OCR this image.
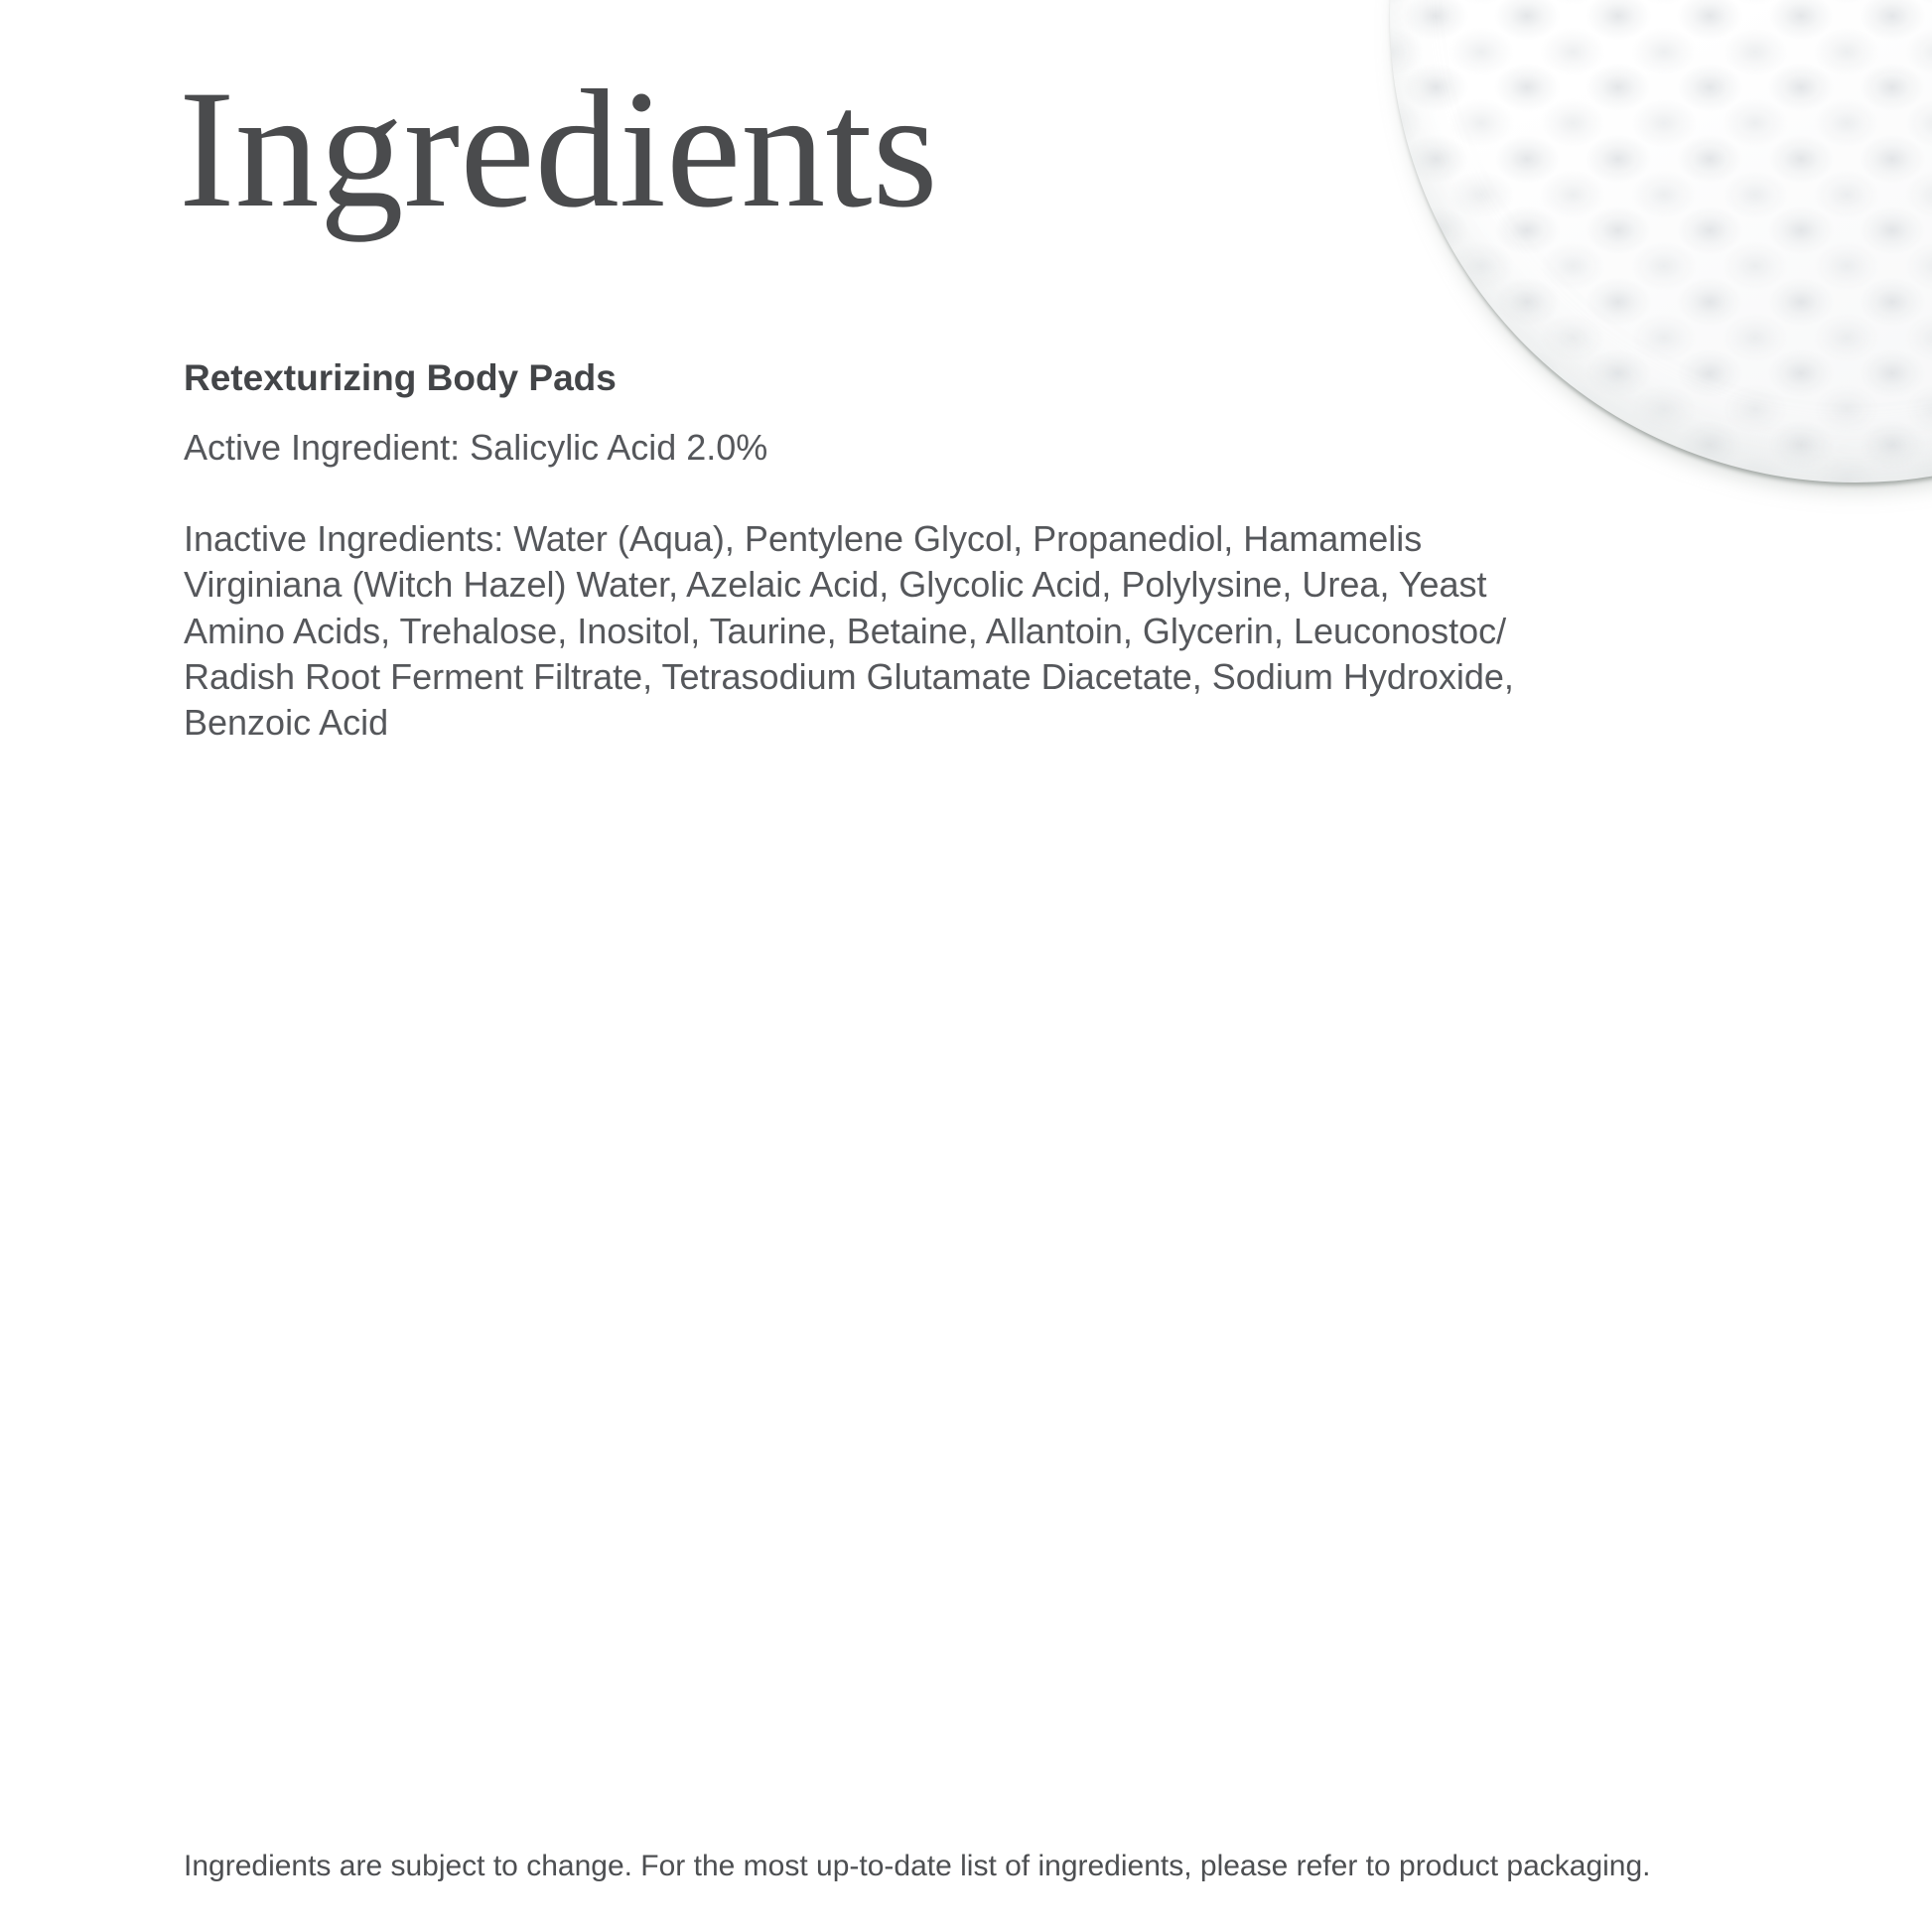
Ingredients
Retexturizing Body Pads

Active Ingredient: Salicylic Acid 2.0%

Inactive Ingredients: Water (Aqua), Pentylene Glycol, Propanediol, Hamamelis
Virginiana (Witch Hazel) Water, Azelaic Acid, Glycolic Acid, Polylysine, Urea, Yeast
Amino Acids, Trehalose, Inositol, Taurine, Betaine, Allantoin, Glycerin, Leuconostoc/
Radish Root Ferment Filtrate, Tetrasodium Glutamate Diacetate, Sodium Hydroxide,
Benzoic Acid

Ingredients are subject to change. For the most up-to-date list of ingredients, please refer to product packaging.
